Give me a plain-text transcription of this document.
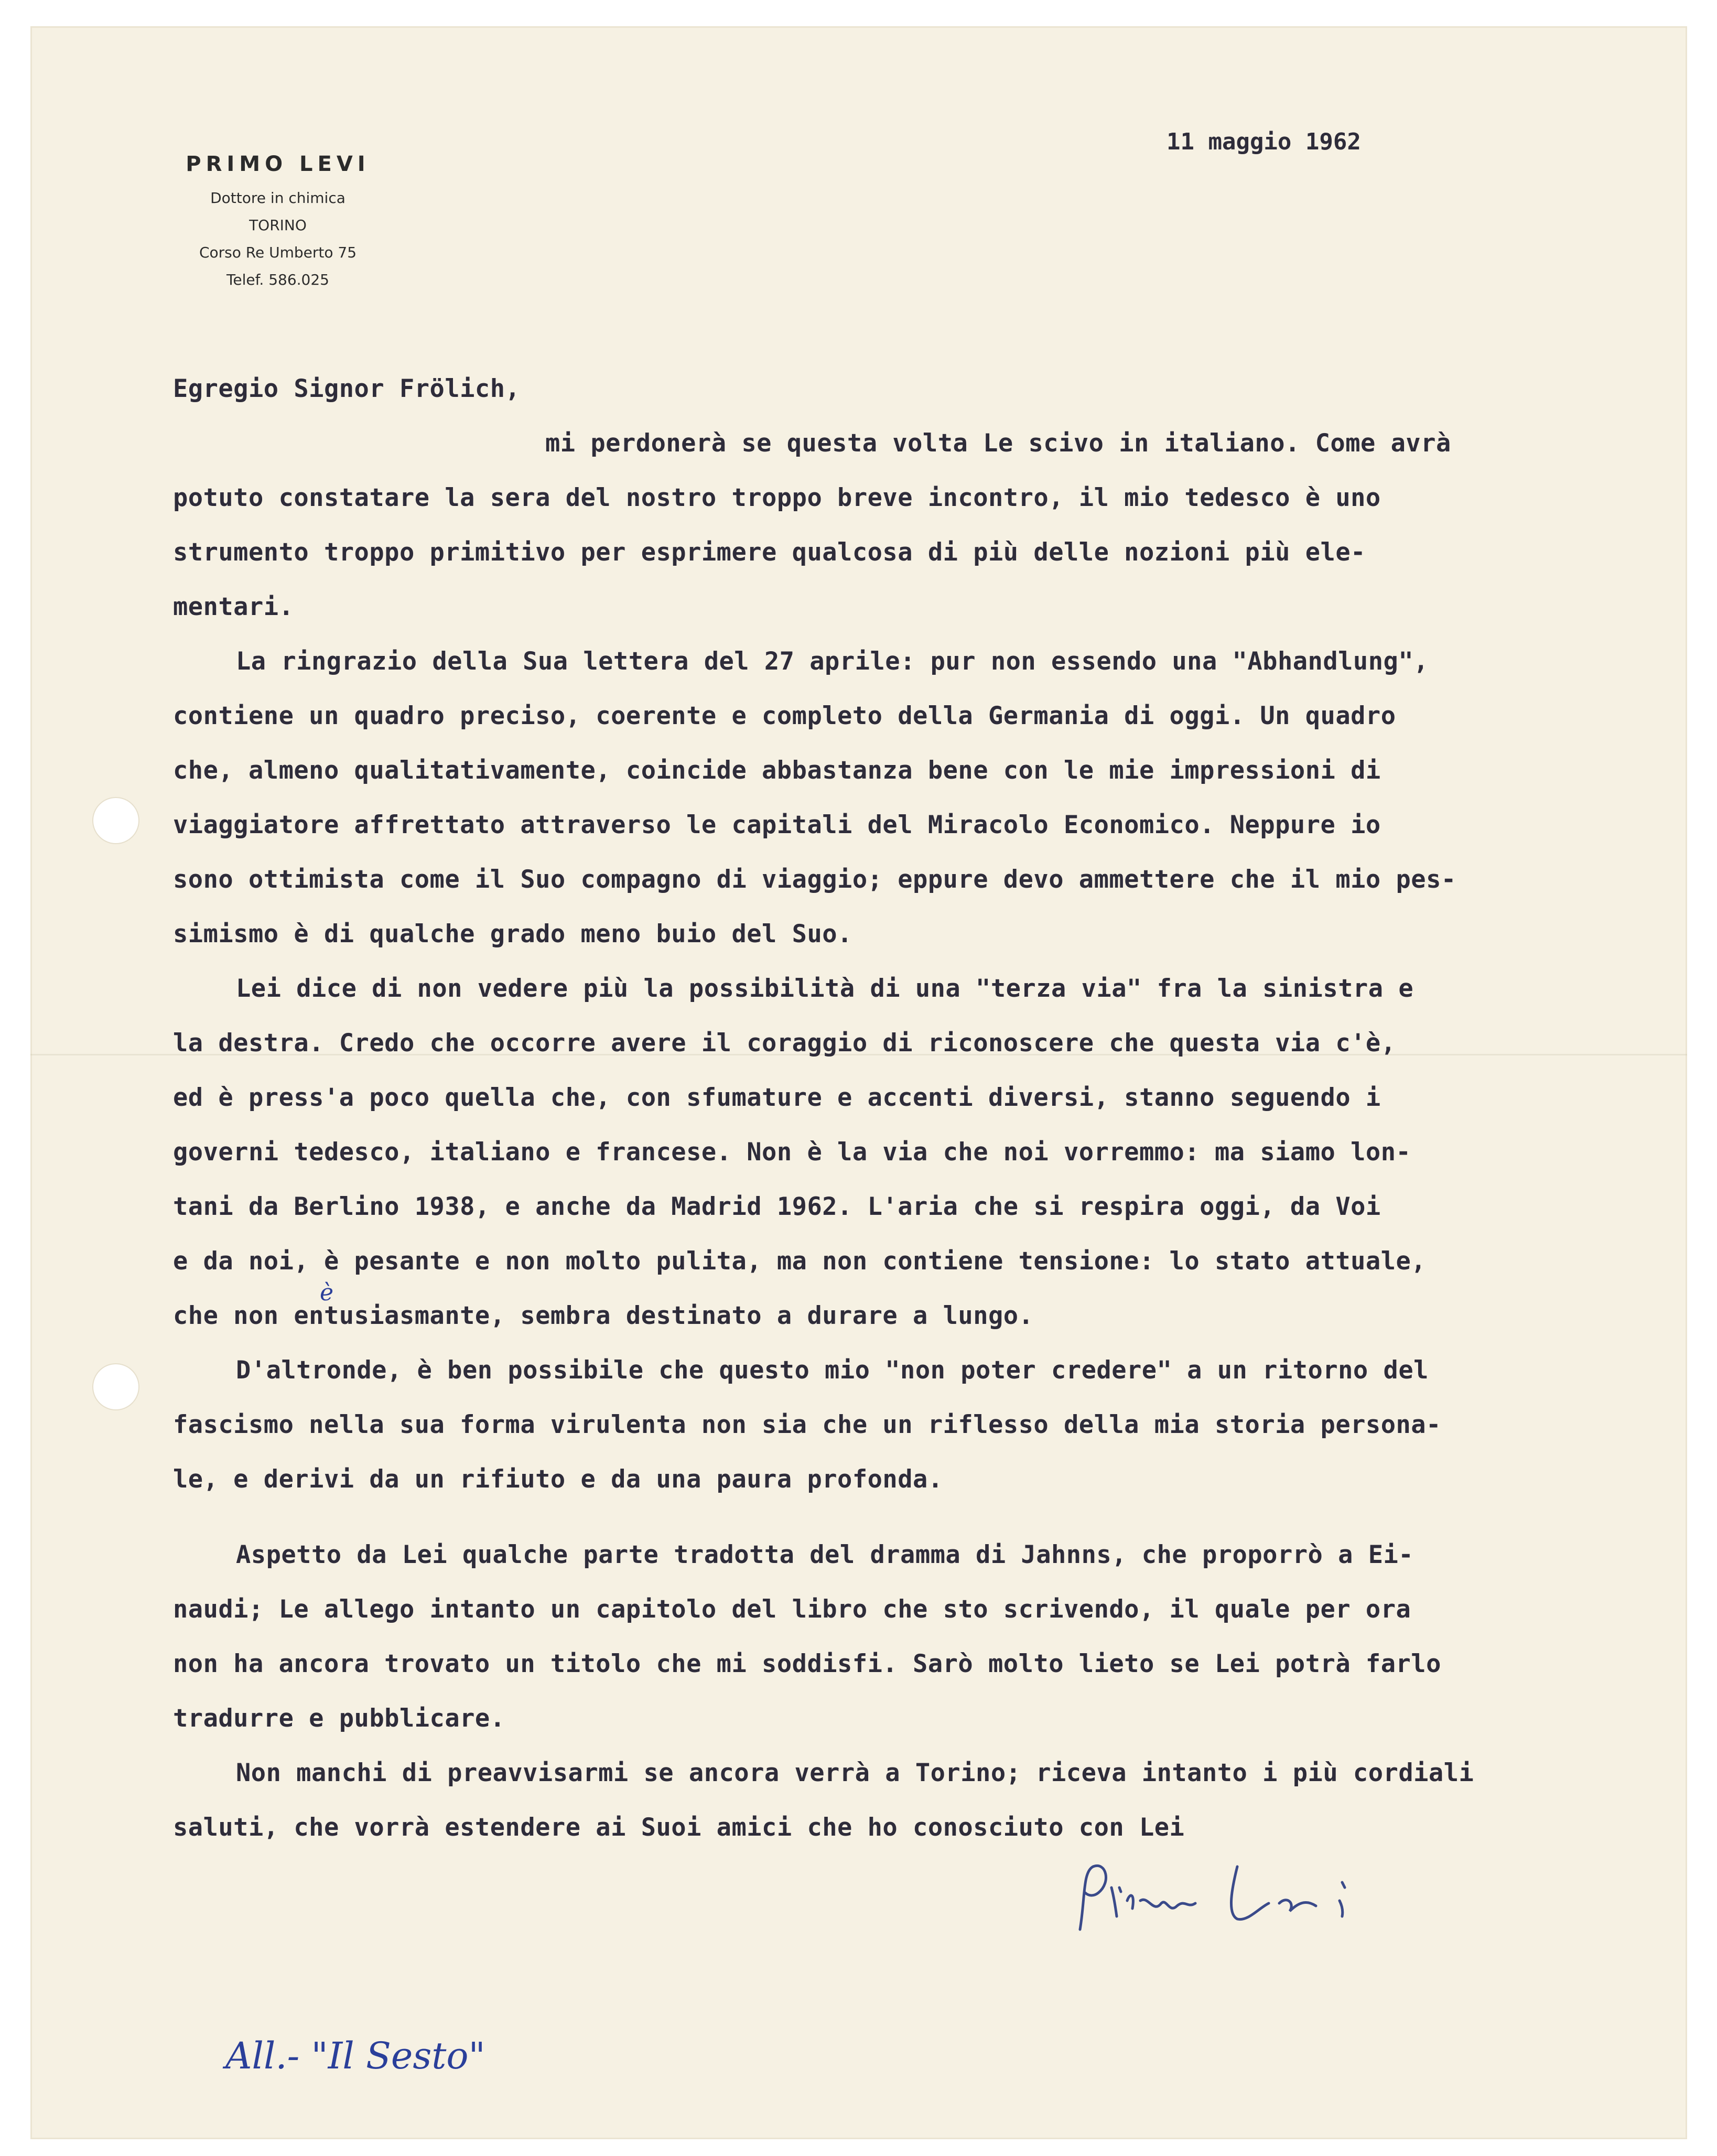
PRIMO LEVI
Dottore in chimica
TORINO
Corso Re Umberto 75
Telef. 586.025
11 maggio 1962

Egregio Signor Frölich,

mi perdonerà se questa volta Le scivo in italiano. Come avrà

potuto constatare la sera del nostro troppo breve incontro, il mio tedesco è uno

strumento troppo primitivo per esprimere qualcosa di più delle nozioni più ele-

mentari.

La ringrazio della Sua lettera del 27 aprile: pur non essendo una "Abhandlung",

contiene un quadro preciso, coerente e completo della Germania di oggi. Un quadro

che, almeno qualitativamente, coincide abbastanza bene con le mie impressioni di

viaggiatore affrettato attraverso le capitali del Miracolo Economico. Neppure io

sono ottimista come il Suo compagno di viaggio; eppure devo ammettere che il mio pes-

simismo è di qualche grado meno buio del Suo.

Lei dice di non vedere più la possibilità di una "terza via" fra la sinistra e

la destra. Credo che occorre avere il coraggio di riconoscere che questa via c'è,

ed è press'a poco quella che, con sfumature e accenti diversi, stanno seguendo i

governi tedesco, italiano e francese. Non è la via che noi vorremmo: ma siamo lon-

tani da Berlino 1938, e anche da Madrid 1962. L'aria che si respira oggi, da Voi

e da noi, è pesante e non molto pulita, ma non contiene tensione: lo stato attuale,

che non entusiasmante, sembra destinato a durare a lungo.

D'altronde, è ben possibile che questo mio "non poter credere" a un ritorno del

fascismo nella sua forma virulenta non sia che un riflesso della mia storia persona-

le, e derivi da un rifiuto e da una paura profonda.

Aspetto da Lei qualche parte tradotta del dramma di Jahnns, che proporrò a Ei-

naudi; Le allego intanto un capitolo del libro che sto scrivendo, il quale per ora

non ha ancora trovato un titolo che mi soddisfi. Sarò molto lieto se Lei potrà farlo

tradurre e pubblicare.

Non manchi di preavvisarmi se ancora verrà a Torino; riceva intanto i più cordiali

saluti, che vorrà estendere ai Suoi amici che ho conosciuto con Lei

è
All.- "Il Sesto"
